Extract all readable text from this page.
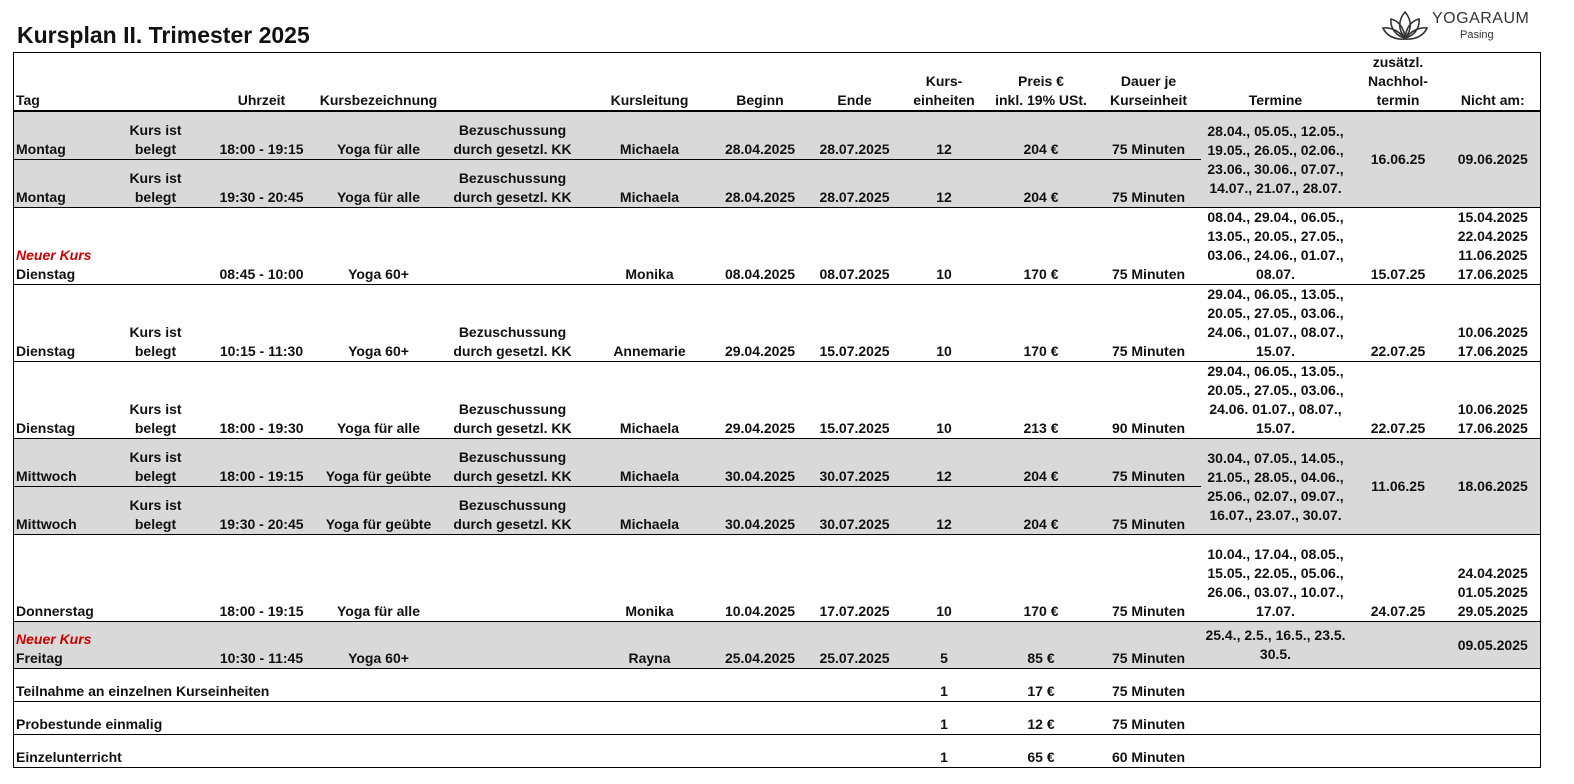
Kursplan II. Trimester 2025
YOGARAUM
Pasing
Tag		Uhrzeit	Kursbezeichnung		Kursleitung	Beginn	Ende	Kurs-
einheiten	Preis €
inkl. 19% USt.	Dauer je
Kurseinheit	Termine	zusätzl.
Nachhol-
termin	Nicht am:
Montag	Kurs ist
belegt	18:00 - 19:15	Yoga für alle	Bezuschussung
durch gesetzl. KK	Michaela	28.04.2025	28.07.2025	12	204 €	75 Minuten	28.04., 05.05., 12.05.,
19.05., 26.05., 02.06.,
23.06., 30.06., 07.07.,
14.07., 21.07., 28.07.	16.06.25	09.06.2025
Montag	Kurs ist
belegt	19:30 - 20:45	Yoga für alle	Bezuschussung
durch gesetzl. KK	Michaela	28.04.2025	28.07.2025	12	204 €	75 Minuten			

Neuer Kurs
Dienstag		08:45 - 10:00	Yoga 60+		Monika	08.04.2025	08.07.2025	10	170 €	75 Minuten	08.04., 29.04., 06.05.,
13.05., 20.05., 27.05.,
03.06., 24.06., 01.07.,
08.07.	15.07.25	15.04.2025
22.04.2025
11.06.2025
17.06.2025
Dienstag	Kurs ist
belegt	10:15 - 11:30	Yoga 60+	Bezuschussung
durch gesetzl. KK	Annemarie	29.04.2025	15.07.2025	10	170 €	75 Minuten	29.04., 06.05., 13.05.,
20.05., 27.05., 03.06.,
24.06., 01.07., 08.07.,
15.07.	22.07.25	10.06.2025
17.06.2025
Dienstag	Kurs ist
belegt	18:00 - 19:30	Yoga für alle	Bezuschussung
durch gesetzl. KK	Michaela	29.04.2025	15.07.2025	10	213 €	90 Minuten	29.04., 06.05., 13.05.,
20.05., 27.05., 03.06.,
24.06. 01.07., 08.07.,
15.07.	22.07.25	10.06.2025
17.06.2025
Mittwoch	Kurs ist
belegt	18:00 - 19:15	Yoga für geübte	Bezuschussung
durch gesetzl. KK	Michaela	30.04.2025	30.07.2025	12	204 €	75 Minuten	30.04., 07.05., 14.05.,
21.05., 28.05., 04.06.,
25.06., 02.07., 09.07.,
16.07., 23.07., 30.07.	11.06.25	18.06.2025
Mittwoch	Kurs ist
belegt	19:30 - 20:45	Yoga für geübte	Bezuschussung
durch gesetzl. KK	Michaela	30.04.2025	30.07.2025	12	204 €	75 Minuten			
Donnerstag		18:00 - 19:15	Yoga für alle		Monika	10.04.2025	17.07.2025	10	170 €	75 Minuten	10.04., 17.04., 08.05.,
15.05., 22.05., 05.06.,
26.06., 03.07., 10.07.,
17.07.	24.07.25	24.04.2025
01.05.2025
29.05.2025

Neuer Kurs
Freitag		10:30 - 11:45	Yoga 60+		Rayna	25.04.2025	25.07.2025	5	85 €	75 Minuten	25.4., 2.5., 16.5., 23.5.
30.5.		09.05.2025
Teilnahme an einzelnen Kurseinheiten								1	17 €	75 Minuten			
Probestunde einmalig								1	12 €	75 Minuten			
Einzelunterricht								1	65 €	60 Minuten			
